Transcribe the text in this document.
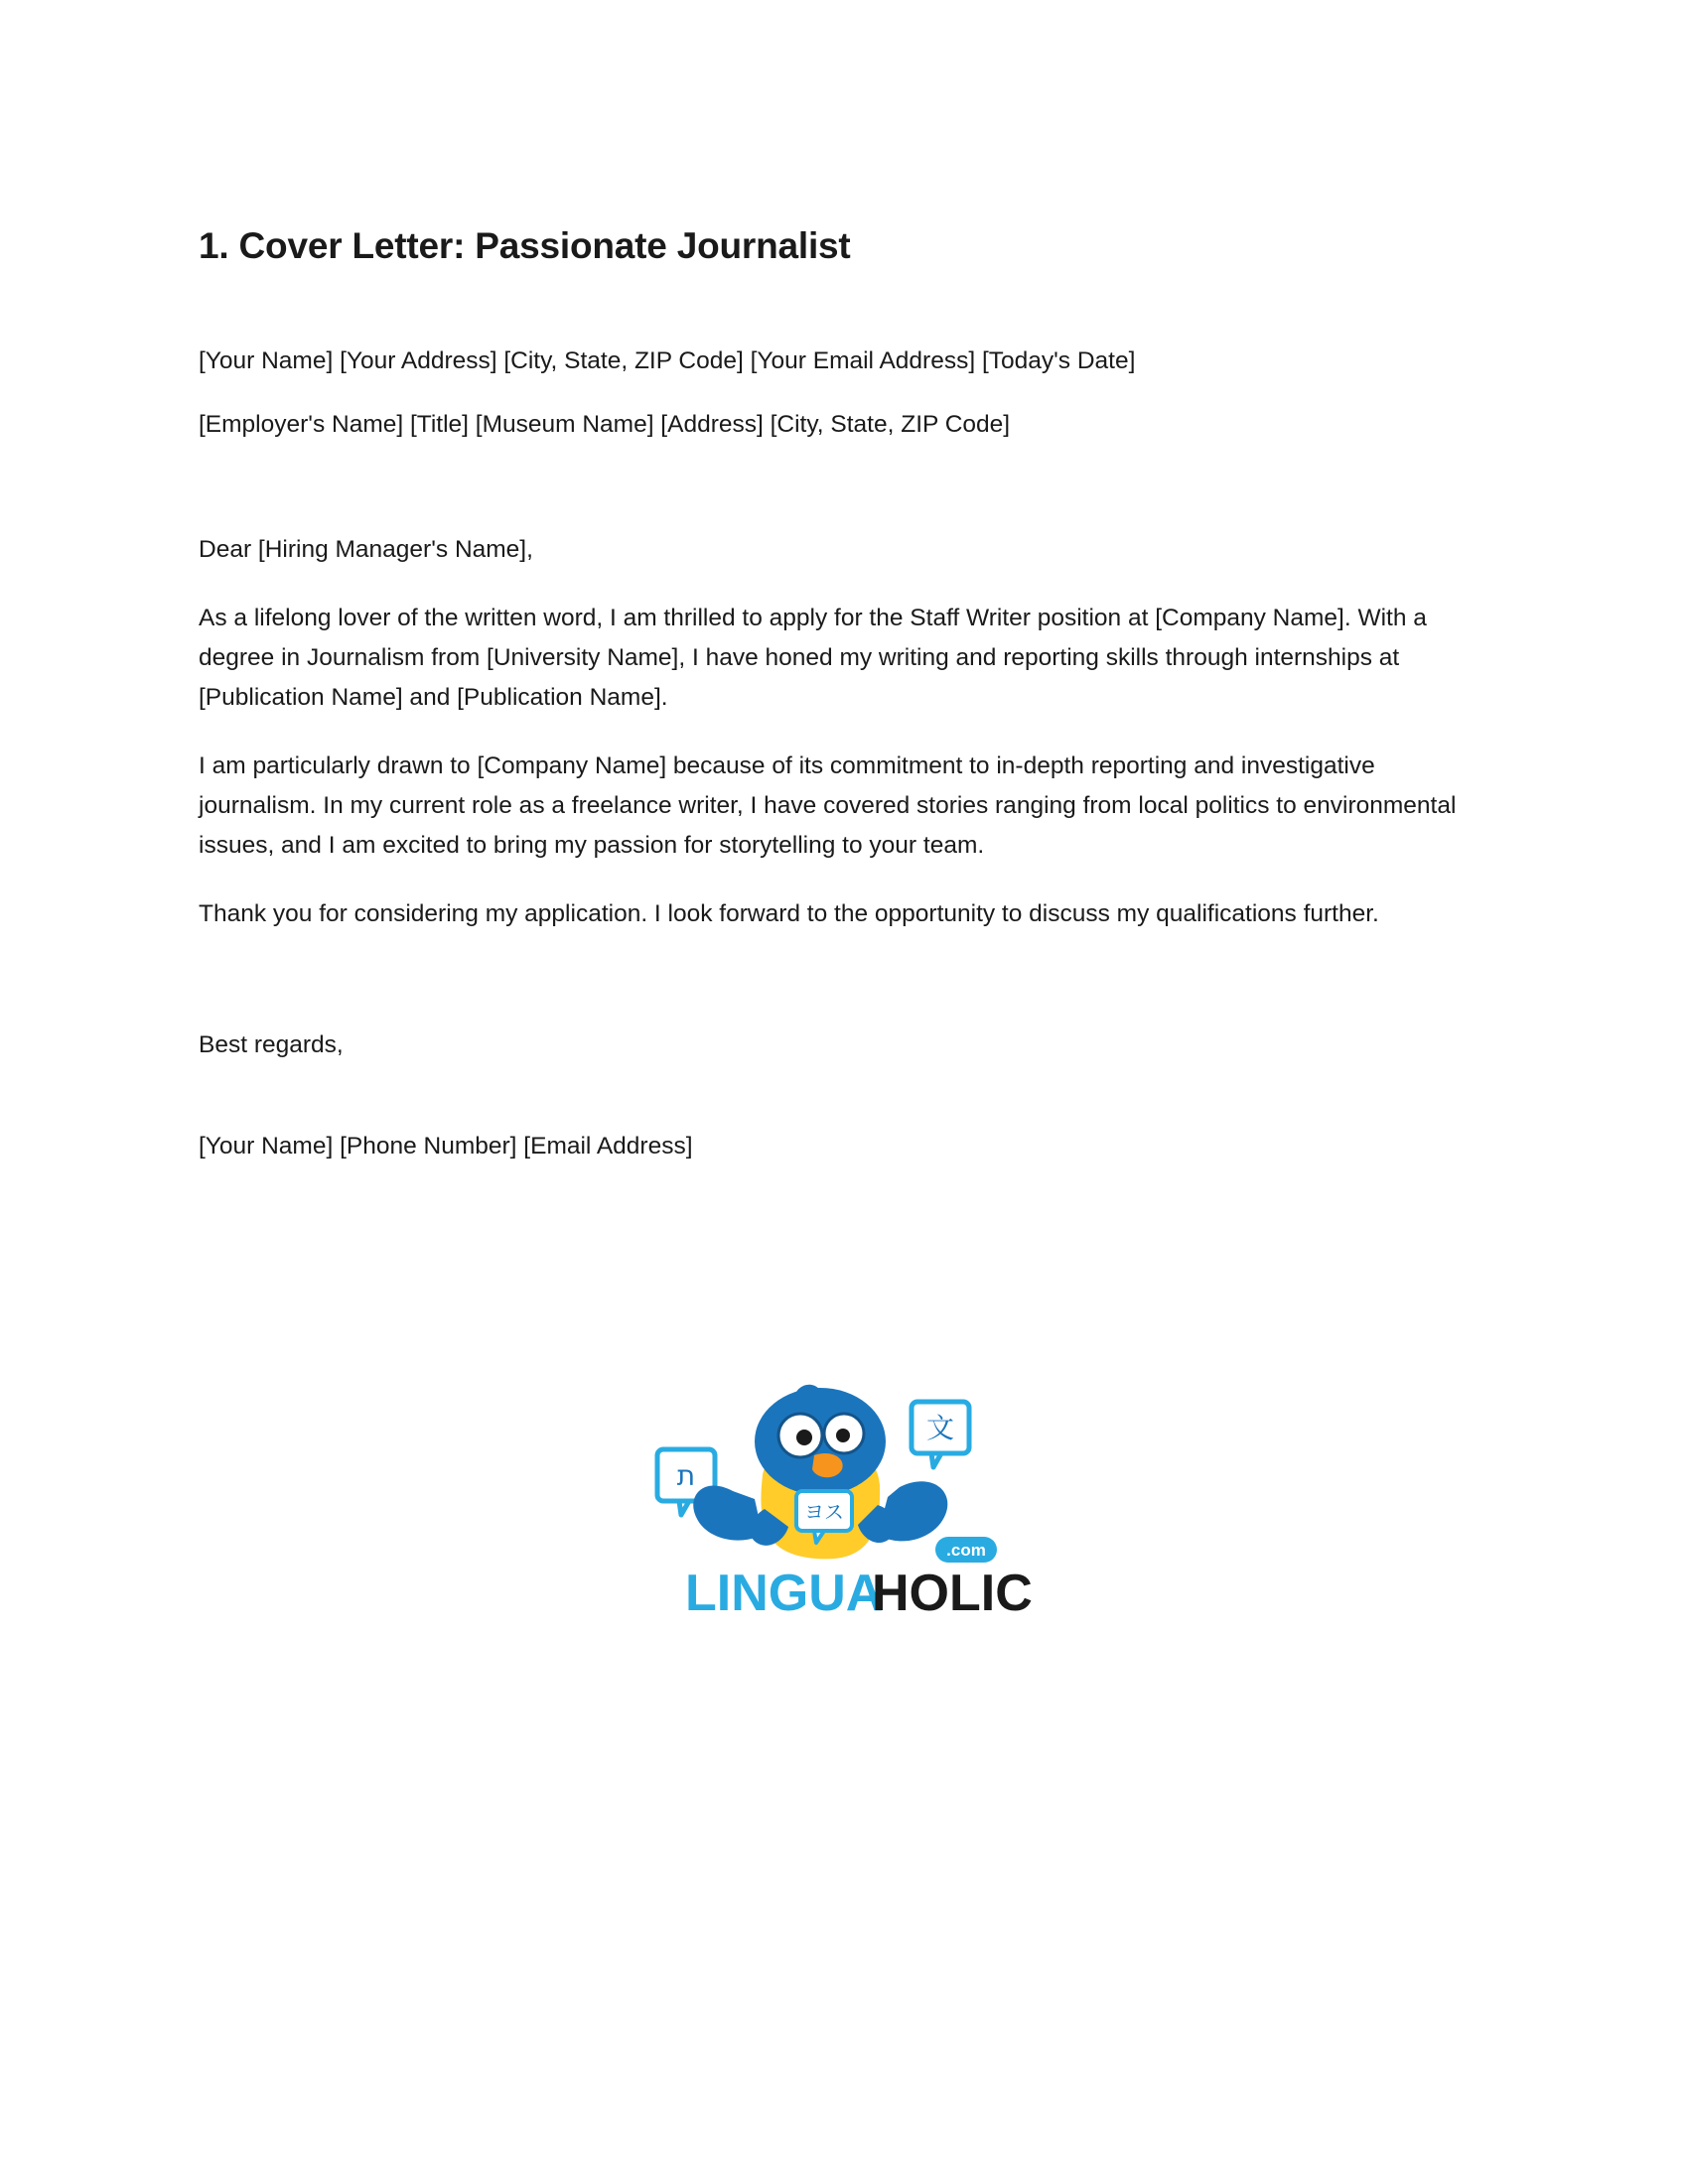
1. Cover Letter: Passionate Journalist
[Your Name] [Your Address] [City, State, ZIP Code] [Your Email Address] [Today's Date]
[Employer's Name] [Title] [Museum Name] [Address] [City, State, ZIP Code]
Dear [Hiring Manager's Name],
As a lifelong lover of the written word, I am thrilled to apply for the Staff Writer position at [Company Name]. With a degree in Journalism from [University Name], I have honed my writing and reporting skills through internships at [Publication Name] and [Publication Name].
I am particularly drawn to [Company Name] because of its commitment to in-depth reporting and investigative journalism. In my current role as a freelance writer, I have covered stories ranging from local politics to environmental issues, and I am excited to bring my passion for storytelling to your team.
Thank you for considering my application. I look forward to the opportunity to discuss my qualifications further.
Best regards,
[Your Name] [Phone Number] [Email Address]
ת
文
ヨス
.com
LINGUA
HOLIC
